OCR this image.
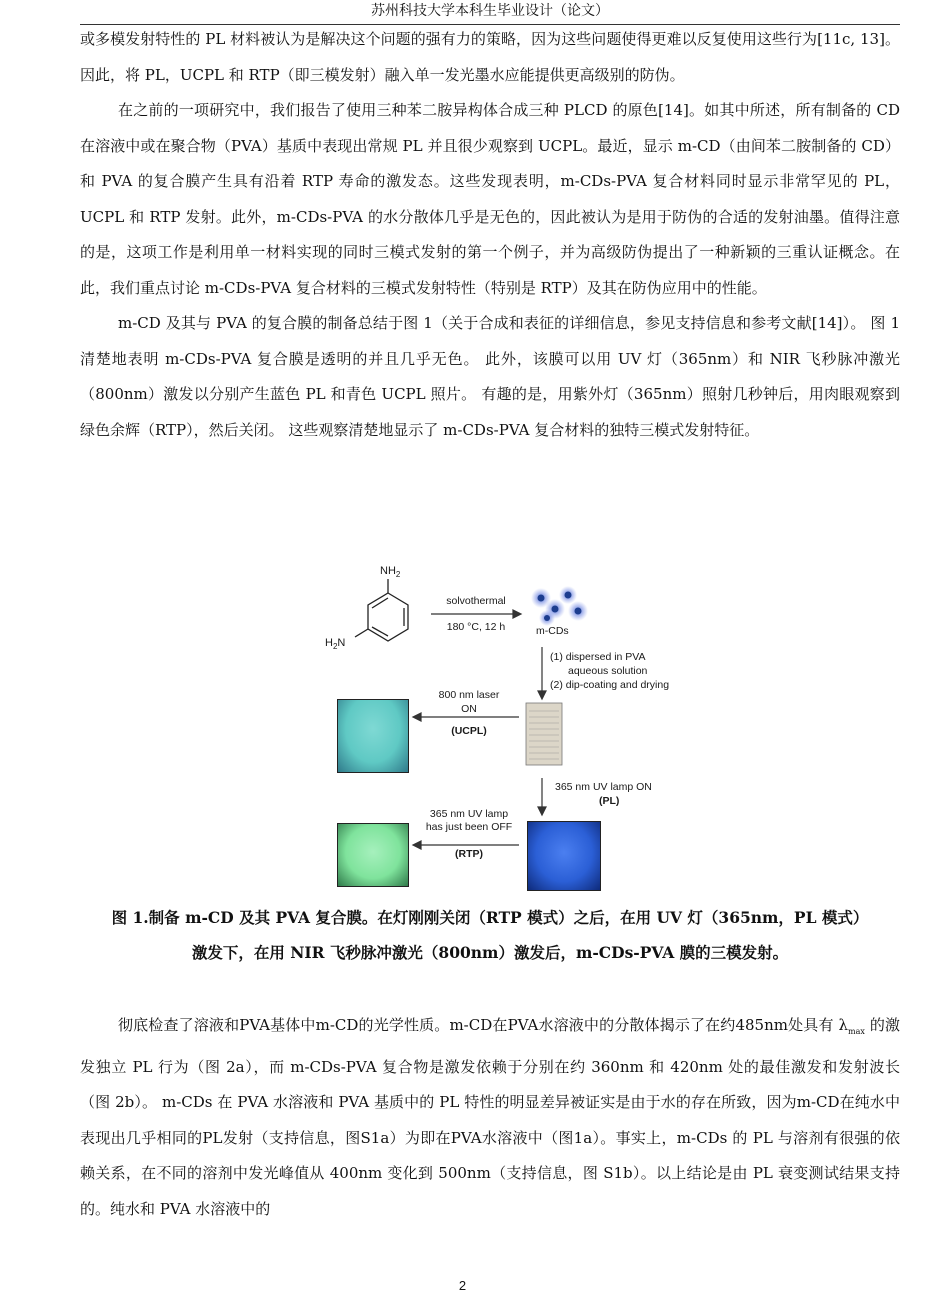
苏州科技大学本科生毕业设计（论文）

或多模发射特性的 PL 材料被认为是解决这个问题的强有力的策略，因为这些问题使得更难以反复使用这些行为[11c, 13]。因此，将 PL，UCPL 和 RTP（即三模发射）融入单一发光墨水应能提供更高级别的防伪。

在之前的一项研究中，我们报告了使用三种苯二胺异构体合成三种 PLCD 的原色[14]。如其中所述，所有制备的 CD 在溶液中或在聚合物（PVA）基质中表现出常规 PL 并且很少观察到 UCPL。最近，显示 m-CD（由间苯二胺制备的 CD）和 PVA 的复合膜产生具有沿着 RTP 寿命的激发态。这些发现表明，m-CDs-PVA 复合材料同时显示非常罕见的 PL，UCPL 和 RTP 发射。此外，m-CDs-PVA 的水分散体几乎是无色的，因此被认为是用于防伪的合适的发射油墨。值得注意的是，这项工作是利用单一材料实现的同时三模式发射的第一个例子，并为高级防伪提出了一种新颖的三重认证概念。在此，我们重点讨论 m-CDs-PVA 复合材料的三模式发射特性（特别是 RTP）及其在防伪应用中的性能。

m-CD 及其与 PVA 的复合膜的制备总结于图 1（关于合成和表征的详细信息，参见支持信息和参考文献[14]）。 图 1 清楚地表明 m-CDs-PVA 复合膜是透明的并且几乎无色。 此外，该膜可以用 UV 灯（365nm）和 NIR 飞秒脉冲激光（800nm）激发以分别产生蓝色 PL 和青色 UCPL 照片。 有趣的是，用紫外灯（365nm）照射几秒钟后，用肉眼观察到绿色余辉（RTP），然后关闭。 这些观察清楚地显示了 m-CDs-PVA 复合材料的独特三模式发射特征。

$NH_2$
$H_2N$
solvothermal
180 °C, 12 h	m-CDs
(1) dispersed in PVA
aqueous solution
(2) dip-coating and drying
800 nm laser
ON
(UCPL)
365 nm UV lamp ON
(PL)
365 nm UV lamp
has just been OFF
(RTP)

图 1.制备 m-CD 及其 PVA 复合膜。在灯刚刚关闭（RTP 模式）之后，在用 UV 灯（365nm，PL 模式）

激发下，在用 NIR 飞秒脉冲激光（800nm）激发后，m-CDs-PVA 膜的三模发射。

彻底检查了溶液和PVA基体中m-CD的光学性质。m-CD在PVA水溶液中的分散体揭示了在约485nm处具有 $\lambda_{max}$ 的激发独立 PL 行为（图 2a），而 m-CDs-PVA 复合物是激发依赖于分别在约 360nm 和 420nm 处的最佳激发和发射波长（图 2b）。 m-CDs 在 PVA 水溶液和 PVA 基质中的 PL 特性的明显差异被证实是由于水的存在所致，因为m-CD在纯水中表现出几乎相同的PL发射（支持信息，图S1a）为即在PVA水溶液中（图1a）。事实上，m-CDs 的 PL 与溶剂有很强的依赖关系，在不同的溶剂中发光峰值从 400nm 变化到 500nm（支持信息，图 S1b）。以上结论是由 PL 衰变测试结果支持的。纯水和 PVA 水溶液中的

2
